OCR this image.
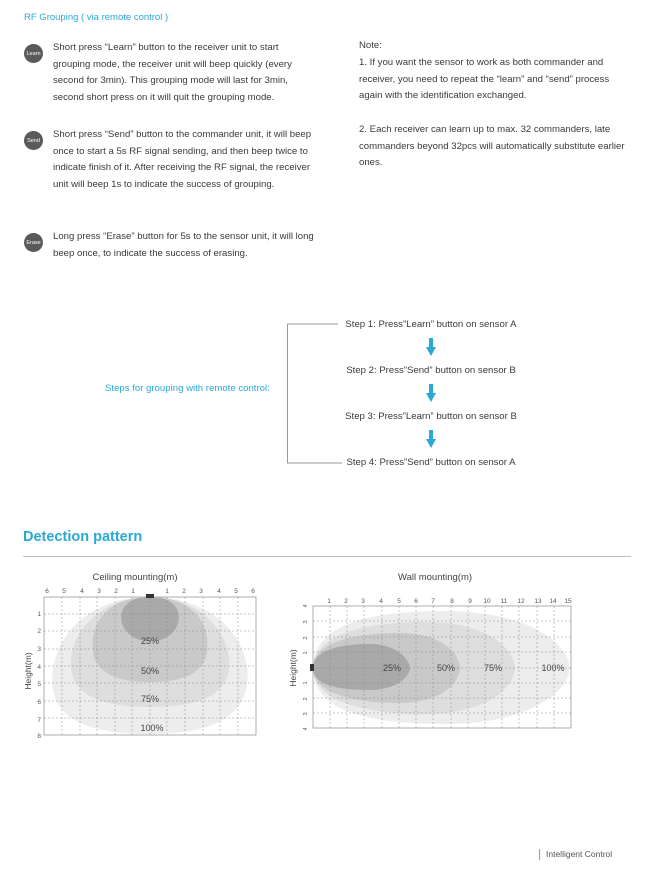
RF Grouping ( via remote control )
Learn
Short press “Learn” button to the receiver unit to start grouping mode, the receiver unit will beep quickly (every second for 3min). This grouping mode will last for 3min, second short press on it will quit the grouping mode.
Send
Short press “Send” button to the commander unit, it will beep once to start a 5s RF signal sending, and then beep twice to indicate finish of it. After receiving the RF signal, the receiver unit will beep 1s to indicate the success of grouping.
Erase
Long press “Erase” button for 5s to the sensor unit, it will long beep once, to indicate the success of erasing.
Note:
1. If you want the sensor to work as both commander and receiver, you need to repeat the “learn” and “send” process again with the identification exchanged.
2. Each receiver can learn up to max. 32 commanders, late commanders beyond 32pcs will automatically substitute earlier ones.
Steps for grouping with remote control:
Step 1: Press”Learn” button on sensor A
Step 2: Press”Send” button on sensor B
Step 3: Press”Learn” button on sensor B
Step 4: Press”Send” button on sensor A
Detection pattern
Ceiling mounting(m)
6 5 4 3 2 1	1 2 3 4 5 6
1
2
3
4
5
6
7
8
Height(m)
25%
50%
75%
100%
Wall mounting(m)
1 2 3 4 5 6 7 8 9 10 11 12 13 14 15
4
3
2
1
1
2
3
4
Height(m)	25%	50%	75%	100%
Intelligent Control
